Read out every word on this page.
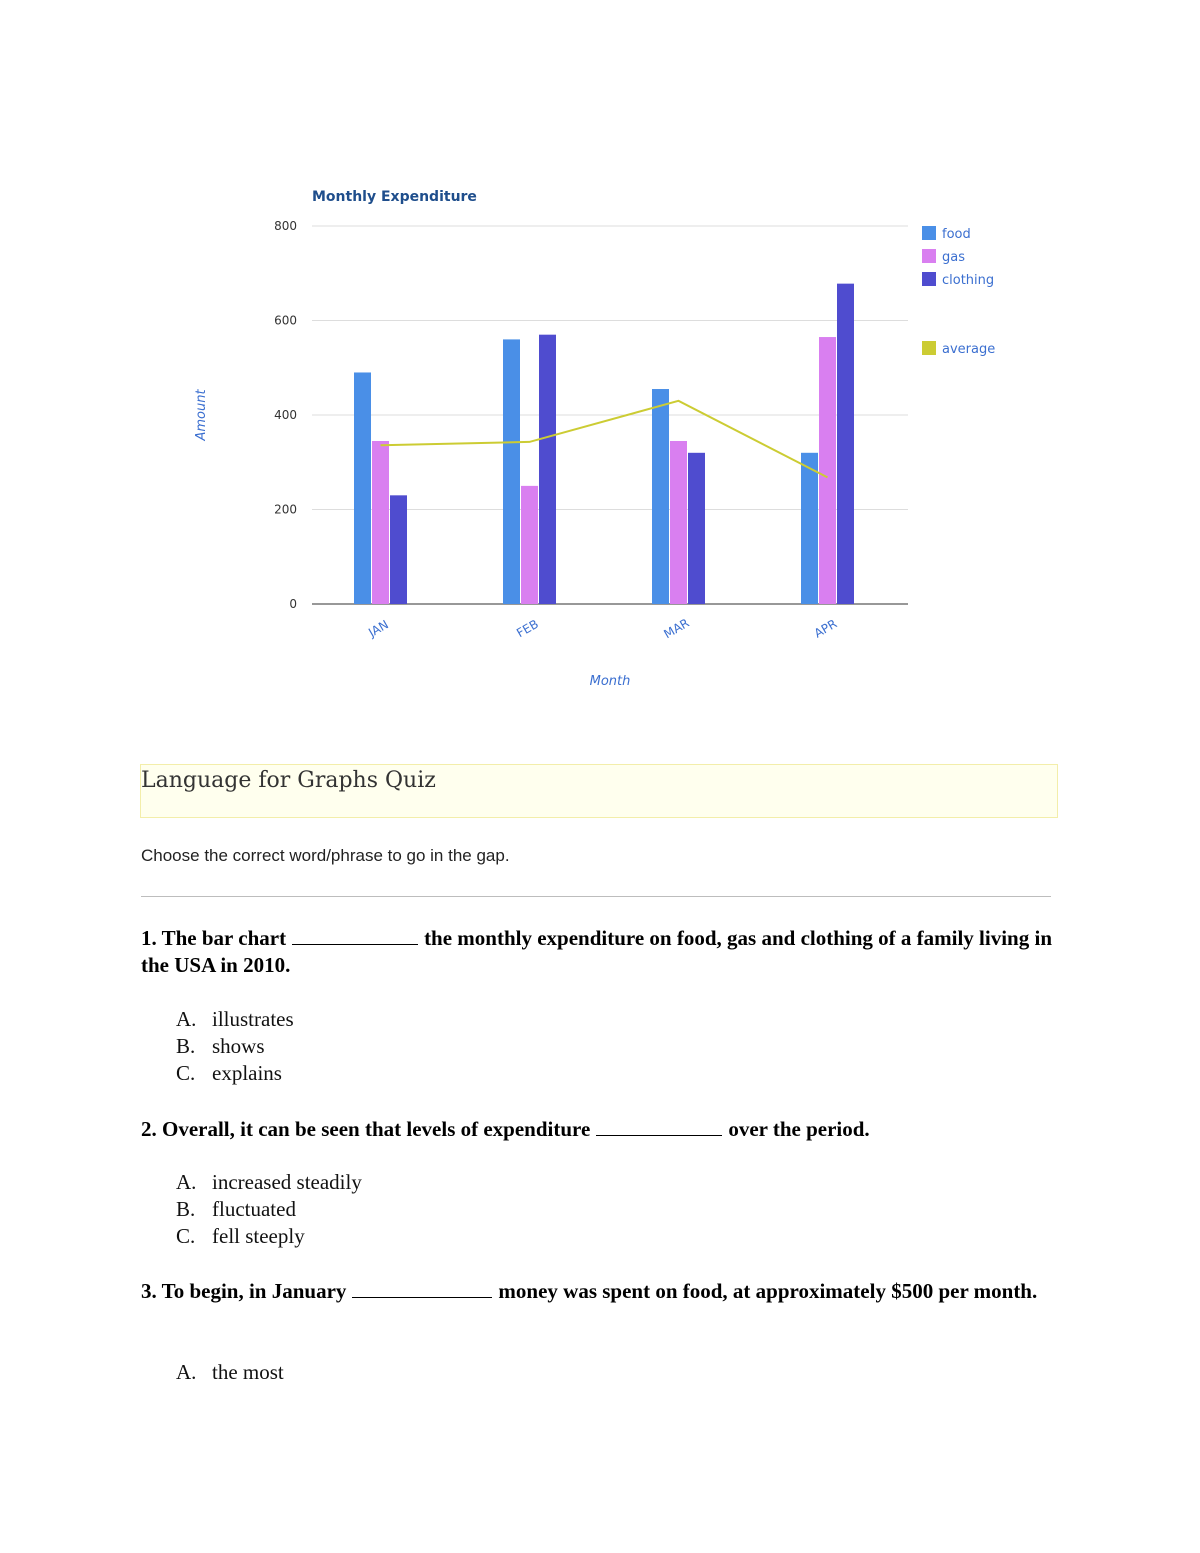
Monthly Expenditure
0
200
400
600
800
JAN	FEB	MAR	APR
Month
Amount
food
gas
clothing
average
Language for Graphs Quiz
Choose the correct word/phrase to go in the gap.
1. The bar chart	the monthly expenditure on food, gas and clothing of a family living in the USA in 2010.
A. illustrates
B. shows
C. explains
2. Overall, it can be seen that levels of expenditure	over the period.
A. increased steadily
B. fluctuated
C. fell steeply
3. To begin, in January	money was spent on food, at approximately $500 per month.
A. the most
